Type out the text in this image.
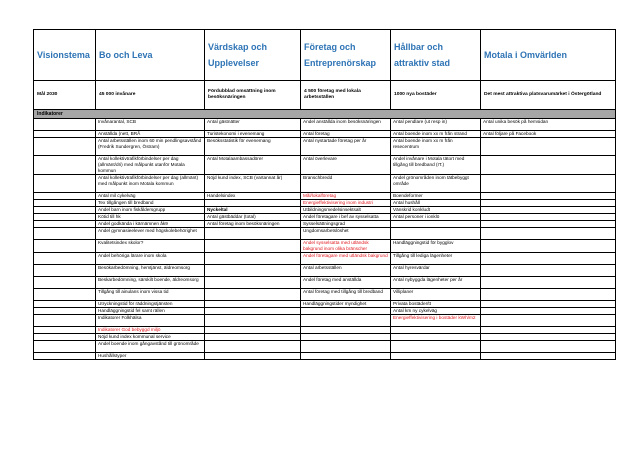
Visionstema	Bo och Leva	Värdskap och Upplevelser	Företag och Entreprenörskap	Hållbar och attraktiv stad	Motala i Omvärlden
Mål 2030	45 000 invånare	Fördubblad omsättning inom besöksnäringen	4 500 företag med lokala arbetsställen	1000 nya bostäder	Det mest attraktiva platsvarumärket i Östergötland
Indikatorer					
	Invånarantal, SCB	Antal gästnätter	Andel anställda inom besöksnäringen	Antal pendlare (ut resp in)	Antal unika besök på hemsidan
	Anställda (nett, BRÅ	Turistekonomi i evenemang	Antal företag	Antal boende inom xx m från strand	Antal följare på Facebook
	Antal arbetsställen inom 60 min pendlingsavstånd (Fredrik Sundergren, Östram)	Besöksstatistik för evenemang	Antal nystartade företag per år	Antal boende inom xx m från resecentrum	
	Antal kollektivtrafikförbindelser per dag (allmänt/dri) med målpunkt utanför Motala kommun	Antal Motalaambassadörer	Antal överlevare	Andel invånare i Motala tätort med tillgång till bredband (IT.)	
	Antal kollektivtrafikförbindelser per dag (allmänt) med målpunkt inom Motala kommun	Nöjd kund index, SCB (vartannat år)	Branschbredd	Andel grönområden inom tätbebyggt område	
	Antal mil cykelväg	Handelsindex	Mål/lokalföretag	Boendeformer	
	Tex tillgången till bredband		Energieffektivisering inom industri	Antal hushåll	
	Andel barn inom fiskåldersgrupp	Nyckeltal	Utbildningsmedelsinsektsalt	Vänskrid konkludt	
	Kötid till hk	Antal gästbäddar (total)	Andel företagare i bef av sysselsatta	Antal personer i ionklö	
	Andel godkända i kärnämnen åk9	Antal företag inom besöksnäringen	Sysselsättningsgrad		
	Andel gymnasieelever med högskolebehörighet		Ungdomsarbetslöshet		
	Kvalitetsindex skolor?		Andel sysselsatta med utländsk bakgrund inom olika bränscher	Handläggningstid för bygglov	
	Andel behöriga lärare inom skola		Andel företagare med utländsk bakgrund	Tillgång till lediga lägenheter	
	Besökarbedömning, hemtjänst, äldreomsorg		Antal arbetsställen	Antal hyresvärdar	
	Beskarbedömning, särskilt boende, äldreomsorg		Andel företag med anställda	Antal nybyggda lägenheter per år	
	Tillgång till ainulans inom vissa tid		Antal företag med tillgång till bredband	Villiplaner	
	Utryckningstid för räddningstjänsten		Handläggningstider myndighet	Privata bostäder/tt	
	Handläggningstid fel samt rällen			Antal km ny cykelväg	
	Indikatorer Folkhälsa			Energieffektivisering i bostäder kWh/m2	
	Indikatorer God bebyggd miljö				
	Nöjd kund index kommunal service				
	Andel boende inom gångavstånd till grönområde				
	Hushållstyper				
